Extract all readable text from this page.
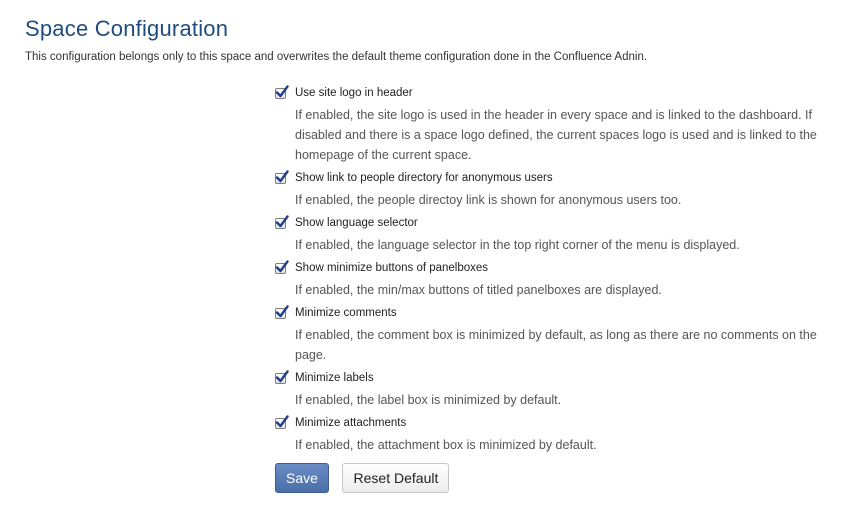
Space Configuration

This configuration belongs only to this space and overwrites the default theme configuration done in the Confluence Adnin.

Use site logo in header
If enabled, the site logo is used in the header in every space and is linked to the dashboard. If disabled and there is a space logo defined, the current spaces logo is used and is linked to the homepage of the current space.
Show link to people directory for anonymous users
If enabled, the people directoy link is shown for anonymous users too.
Show language selector
If enabled, the language selector in the top right corner of the menu is displayed.
Show minimize buttons of panelboxes
If enabled, the min/max buttons of titled panelboxes are displayed.
Minimize comments
If enabled, the comment box is minimized by default, as long as there are no comments on the page.
Minimize labels
If enabled, the label box is minimized by default.
Minimize attachments
If enabled, the attachment box is minimized by default.
Save	Reset Default
